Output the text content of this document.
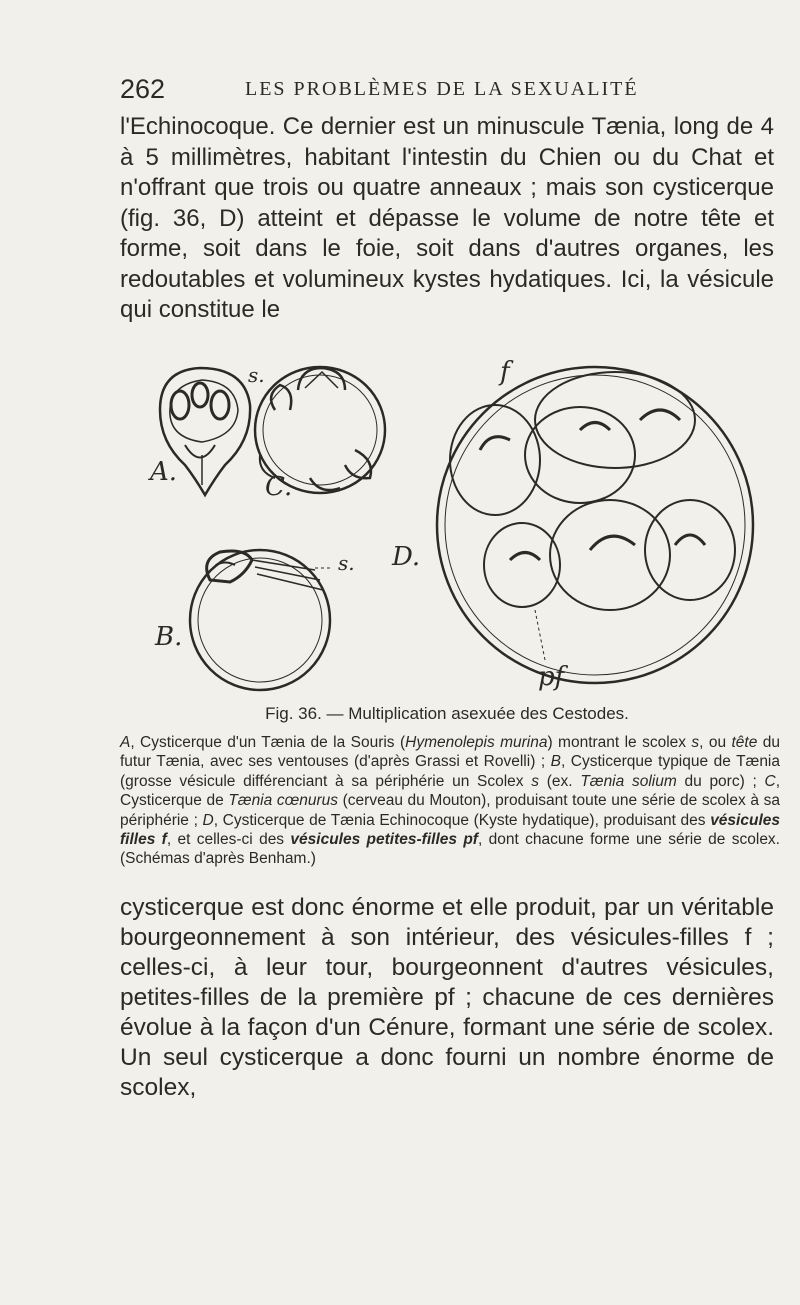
262	LES PROBLÈMES DE LA SEXUALITÉ

l'Echinocoque. Ce dernier est un minuscule Tænia, long de 4 à 5 millimètres, habitant l'intestin du Chien ou du Chat et n'offrant que trois ou quatre anneaux ; mais son cysticerque (fig. 36, D) atteint et dépasse le volume de notre tête et forme, soit dans le foie, soit dans d'autres organes, les redoutables et volumineux kystes hydatiques. Ici, la vésicule qui constitue le

A.	C.
B.
D.
s.
s.
f
pf
Fig. 36. — Multiplication asexuée des Cestodes.

A, Cysticerque d'un Tænia de la Souris (Hymenolepis murina) montrant le scolex s, ou tête du futur Tænia, avec ses ventouses (d'après Grassi et Rovelli) ; B, Cysticerque typique de Tænia (grosse vésicule différenciant à sa périphérie un Scolex s (ex. Tænia solium du porc) ; C, Cysticerque de Tænia cœnurus (cerveau du Mouton), produisant toute une série de scolex à sa périphérie ; D, Cysticerque de Tænia Echinocoque (Kyste hydatique), produisant des vésicules filles f, et celles-ci des vésicules petites-filles pf, dont chacune forme une série de scolex. (Schémas d'après Benham.)

cysticerque est donc énorme et elle produit, par un véritable bourgeonnement à son intérieur, des vésicules-filles f ; celles-ci, à leur tour, bourgeonnent d'autres vésicules, petites-filles de la première pf ; chacune de ces dernières évolue à la façon d'un Cénure, formant une série de scolex. Un seul cysticerque a donc fourni un nombre énorme de scolex,
